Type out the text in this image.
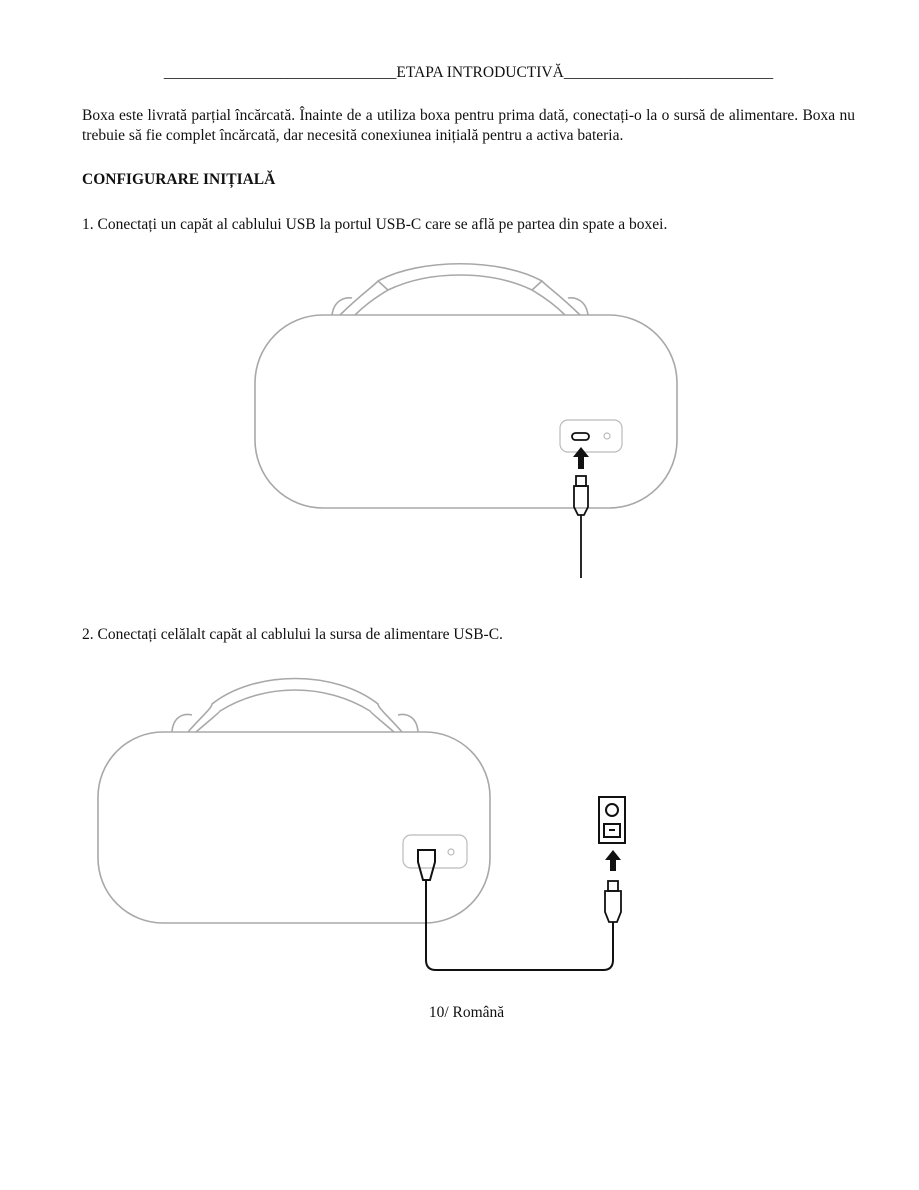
______________________________ETAPA INTRODUCTIVĂ___________________________
Boxa este livrată parțial încărcată. Înainte de a utiliza boxa pentru prima dată, conectați-o la o sursă de alimentare. Boxa nu trebuie să fie complet încărcată, dar necesită conexiunea inițială pentru a activa bateria.
CONFIGURARE INIȚIALĂ
1. Conectați un capăt al cablului USB la portul USB-C care se află pe partea din spate a boxei.
2. Conectați celălalt capăt al cablului la sursa de alimentare USB-C.
10/ Română
